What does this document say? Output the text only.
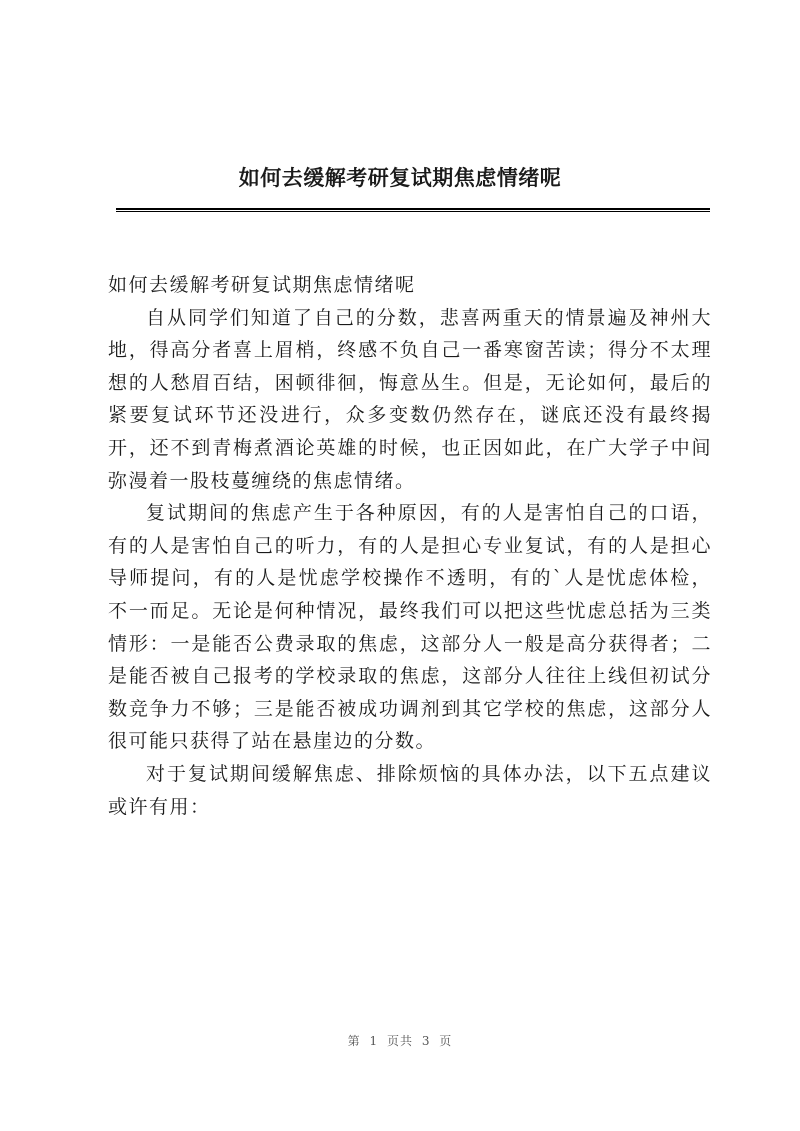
如何去缓解考研复试期焦虑情绪呢

如何去缓解考研复试期焦虑情绪呢

自从同学们知道了自己的分数，悲喜两重天的情景遍及神州大地，得高分者喜上眉梢，终感不负自己一番寒窗苦读；得分不太理想的人愁眉百结，困顿徘徊，悔意丛生。但是，无论如何，最后的紧要复试环节还没进行，众多变数仍然存在，谜底还没有最终揭开，还不到青梅煮酒论英雄的时候，也正因如此，在广大学子中间弥漫着一股枝蔓缠绕的焦虑情绪。

复试期间的焦虑产生于各种原因，有的人是害怕自己的口语，有的人是害怕自己的听力，有的人是担心专业复试，有的人是担心导师提问，有的人是忧虑学校操作不透明，有的`人是忧虑体检，不一而足。无论是何种情况，最终我们可以把这些忧虑总括为三类情形：一是能否公费录取的焦虑，这部分人一般是高分获得者；二是能否被自己报考的学校录取的焦虑，这部分人往往上线但初试分数竞争力不够；三是能否被成功调剂到其它学校的焦虑，这部分人很可能只获得了站在悬崖边的分数。

对于复试期间缓解焦虑、排除烦恼的具体办法，以下五点建议或许有用：

第 1 页共 3 页
